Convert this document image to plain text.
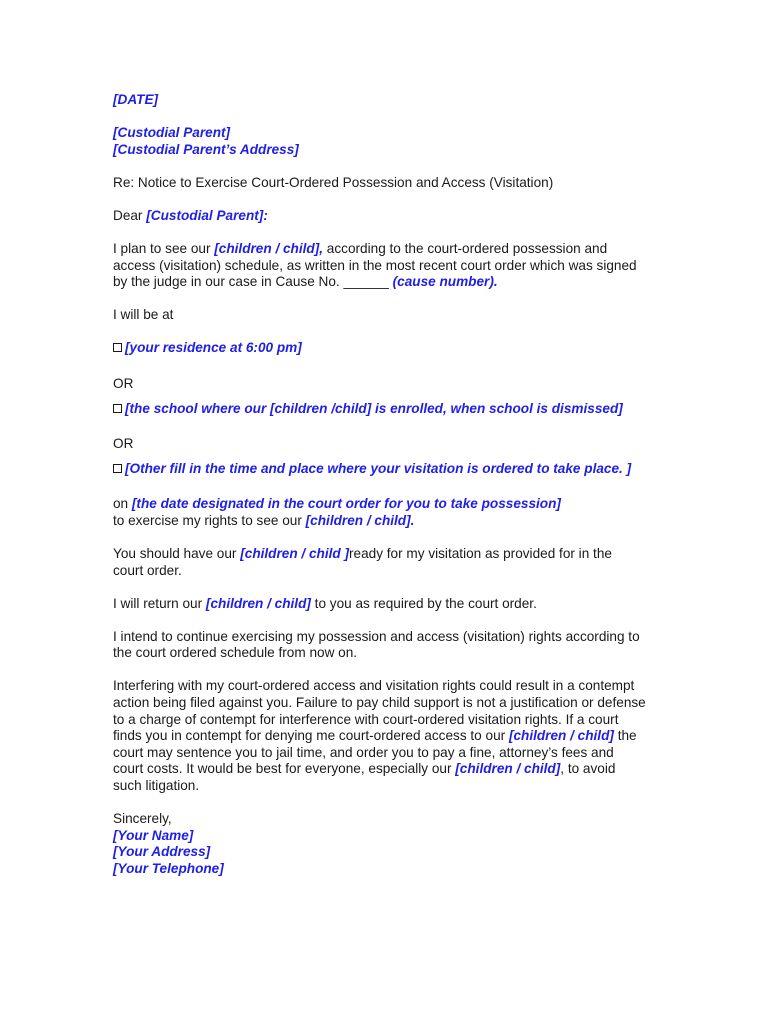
[DATE]
[Custodial Parent]
[Custodial Parent’s Address]
Re: Notice to Exercise Court-Ordered Possession and Access (Visitation)
Dear [Custodial Parent]:
I plan to see our [children / child], according to the court-ordered possession and
access (visitation) schedule, as written in the most recent court order which was signed
by the judge in our case in Cause No. ______ (cause number).
I will be at
[your residence at 6:00 pm]
OR
[the school where our [children /child] is enrolled, when school is dismissed]
OR
[Other fill in the time and place where your visitation is ordered to take place. ]
on [the date designated in the court order for you to take possession]
to exercise my rights to see our [children / child].
You should have our [children / child ]ready for my visitation as provided for in the
court order.
I will return our [children / child] to you as required by the court order.
I intend to continue exercising my possession and access (visitation) rights according to
the court ordered schedule from now on.
Interfering with my court-ordered access and visitation rights could result in a contempt
action being filed against you. Failure to pay child support is not a justification or defense
to a charge of contempt for interference with court-ordered visitation rights. If a court
finds you in contempt for denying me court-ordered access to our [children / child] the
court may sentence you to jail time, and order you to pay a fine, attorney’s fees and
court costs. It would be best for everyone, especially our [children / child], to avoid
such litigation.
Sincerely,
[Your Name]
[Your Address]
[Your Telephone]
